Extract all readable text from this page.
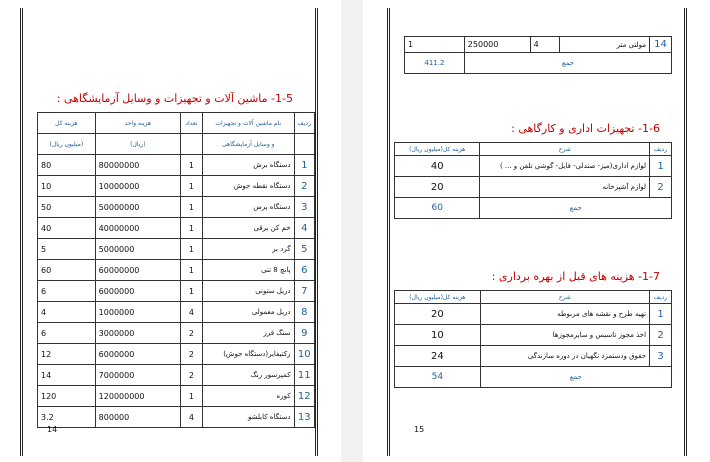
1-5- ماشین آلات و تجهیزات و وسایل آزمایشگاهی :
ردیف	نام ماشین آلات و تجهیزات	تعداد	هزینه واحد	هزینه کل

	و وسایل آزمایشگاهی		(ریال)	(میلیون ریال)
1	دستگاه برش	1	80000000	80
2	دستگاه نقطه جوش	1	10000000	10
3	دستگاه پرس	1	50000000	50
4	خم کن برقی	1	40000000	40
5	گرد بر	1	5000000	5
6	پانچ 8 تنی	1	60000000	60
7	دریل ستونی	1	6000000	6
8	دریل معمولی	4	1000000	4
9	سنگ فرز	2	3000000	6
10	رکتیفایر(دستگاه جوش)	2	6000000	12
11	کمپرسور رنگ	2	7000000	14
12	کوره	1	120000000	120
13	دستگاه کابلشو	4	800000	3.2
14
14	مولتی متر	4	250000	1
جمع				411.2
1-6- تجهیزات اداری و کارگاهی :
ردیف	شرح	هزینه کل(میلیون ریال)
1	لوازم اداری(میز- صندلی- فایل- گوشی تلفن و ... )	40
2	لوازم آشپزخانه	20
جمع		60
1-7- هزینه های قبل از بهره برداری :
ردیف	شرح	هزینه کل(میلیون ریال)
1	تهیه طرح و نقشه های مربوطه	20
2	اخذ مجوز تاسیس و سایرمجوزها	10
3	حقوق ودستمزد نگهبان در دوره سازندگی	24
جمع		54
15
